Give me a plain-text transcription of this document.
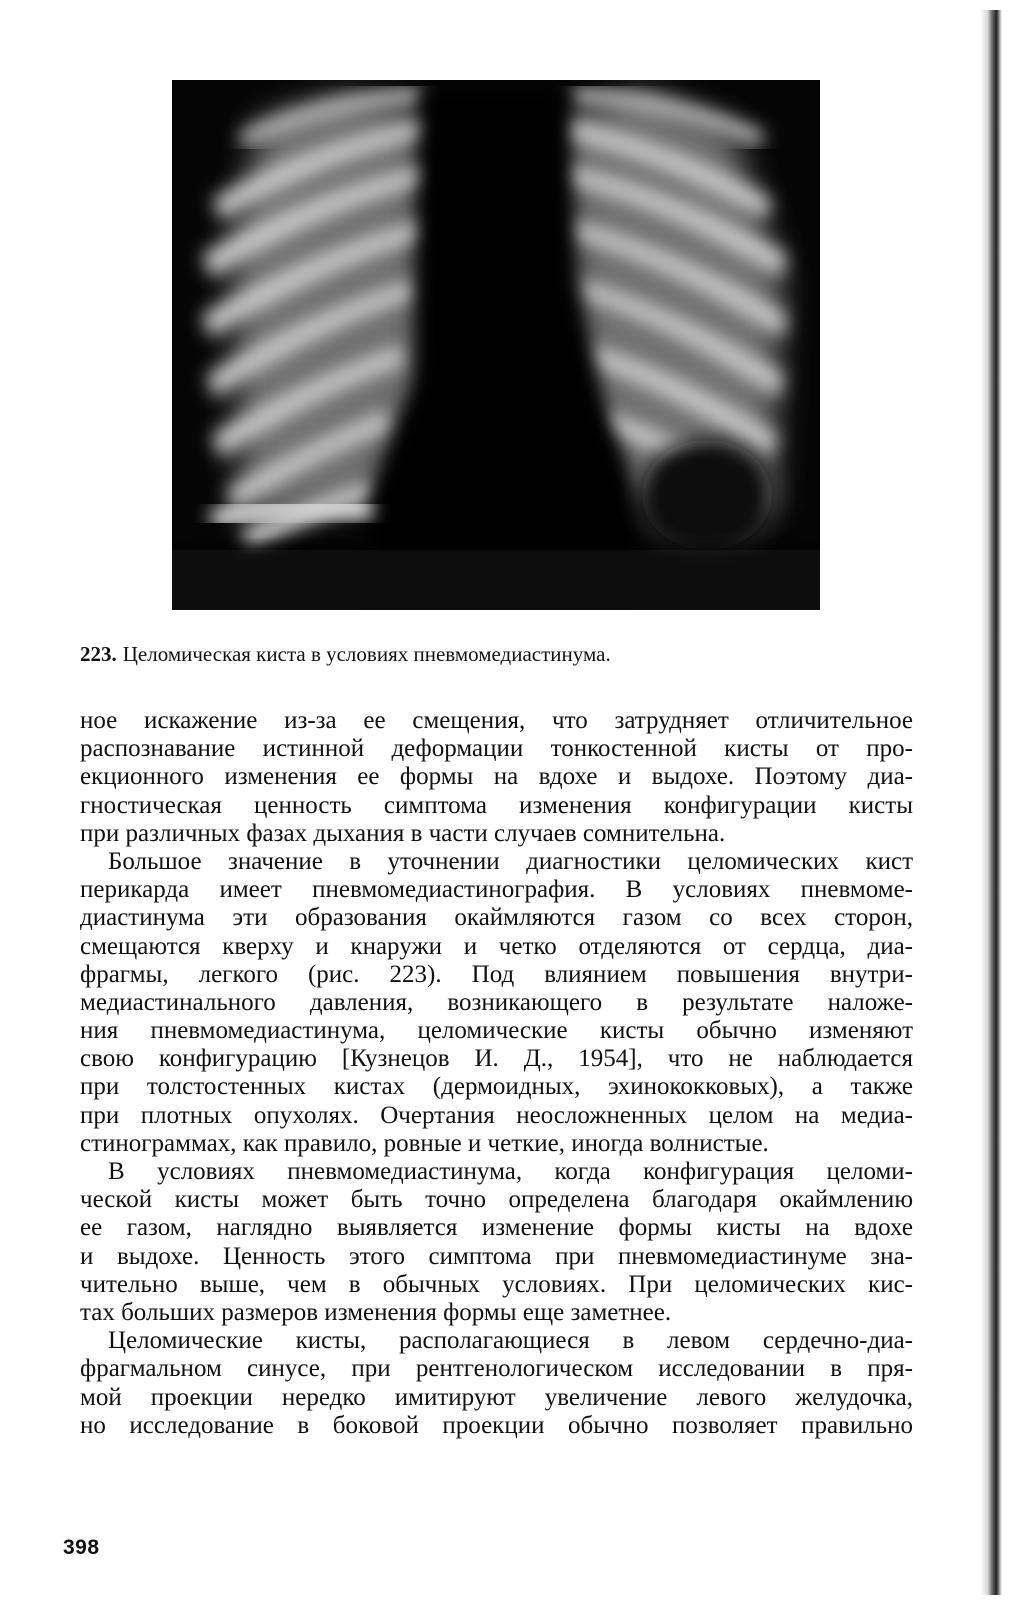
223. Целомическая киста в условиях пневмомедиастинума.
ное искажение из-за ее смещения, что затрудняет отличительное
распознавание истинной деформации тонкостенной кисты от про-
екционного изменения ее формы на вдохе и выдохе. Поэтому диа-
гностическая ценность симптома изменения конфигурации кисты
при различных фазах дыхания в части случаев сомнительна.
Большое значение в уточнении диагностики целомических кист
перикарда имеет пневмомедиастинография. В условиях пневмоме-
диастинума эти образования окаймляются газом со всех сторон,
смещаются кверху и кнаружи и четко отделяются от сердца, диа-
фрагмы, легкого (рис. 223). Под влиянием повышения внутри-
медиастинального давления, возникающего в результате наложе-
ния пневмомедиастинума, целомические кисты обычно изменяют
свою конфигурацию [Кузнецов И. Д., 1954], что не наблюдается
при толстостенных кистах (дермоидных, эхинококковых), а также
при плотных опухолях. Очертания неосложненных целом на медиа-
стинограммах, как правило, ровные и четкие, иногда волнистые.
В условиях пневмомедиастинума, когда конфигурация целоми-
ческой кисты может быть точно определена благодаря окаймлению
ее газом, наглядно выявляется изменение формы кисты на вдохе
и выдохе. Ценность этого симптома при пневмомедиастинуме зна-
чительно выше, чем в обычных условиях. При целомических кис-
тах больших размеров изменения формы еще заметнее.
Целомические кисты, располагающиеся в левом сердечно-диа-
фрагмальном синусе, при рентгенологическом исследовании в пря-
мой проекции нередко имитируют увеличение левого желудочка,
но исследование в боковой проекции обычно позволяет правильно
398
